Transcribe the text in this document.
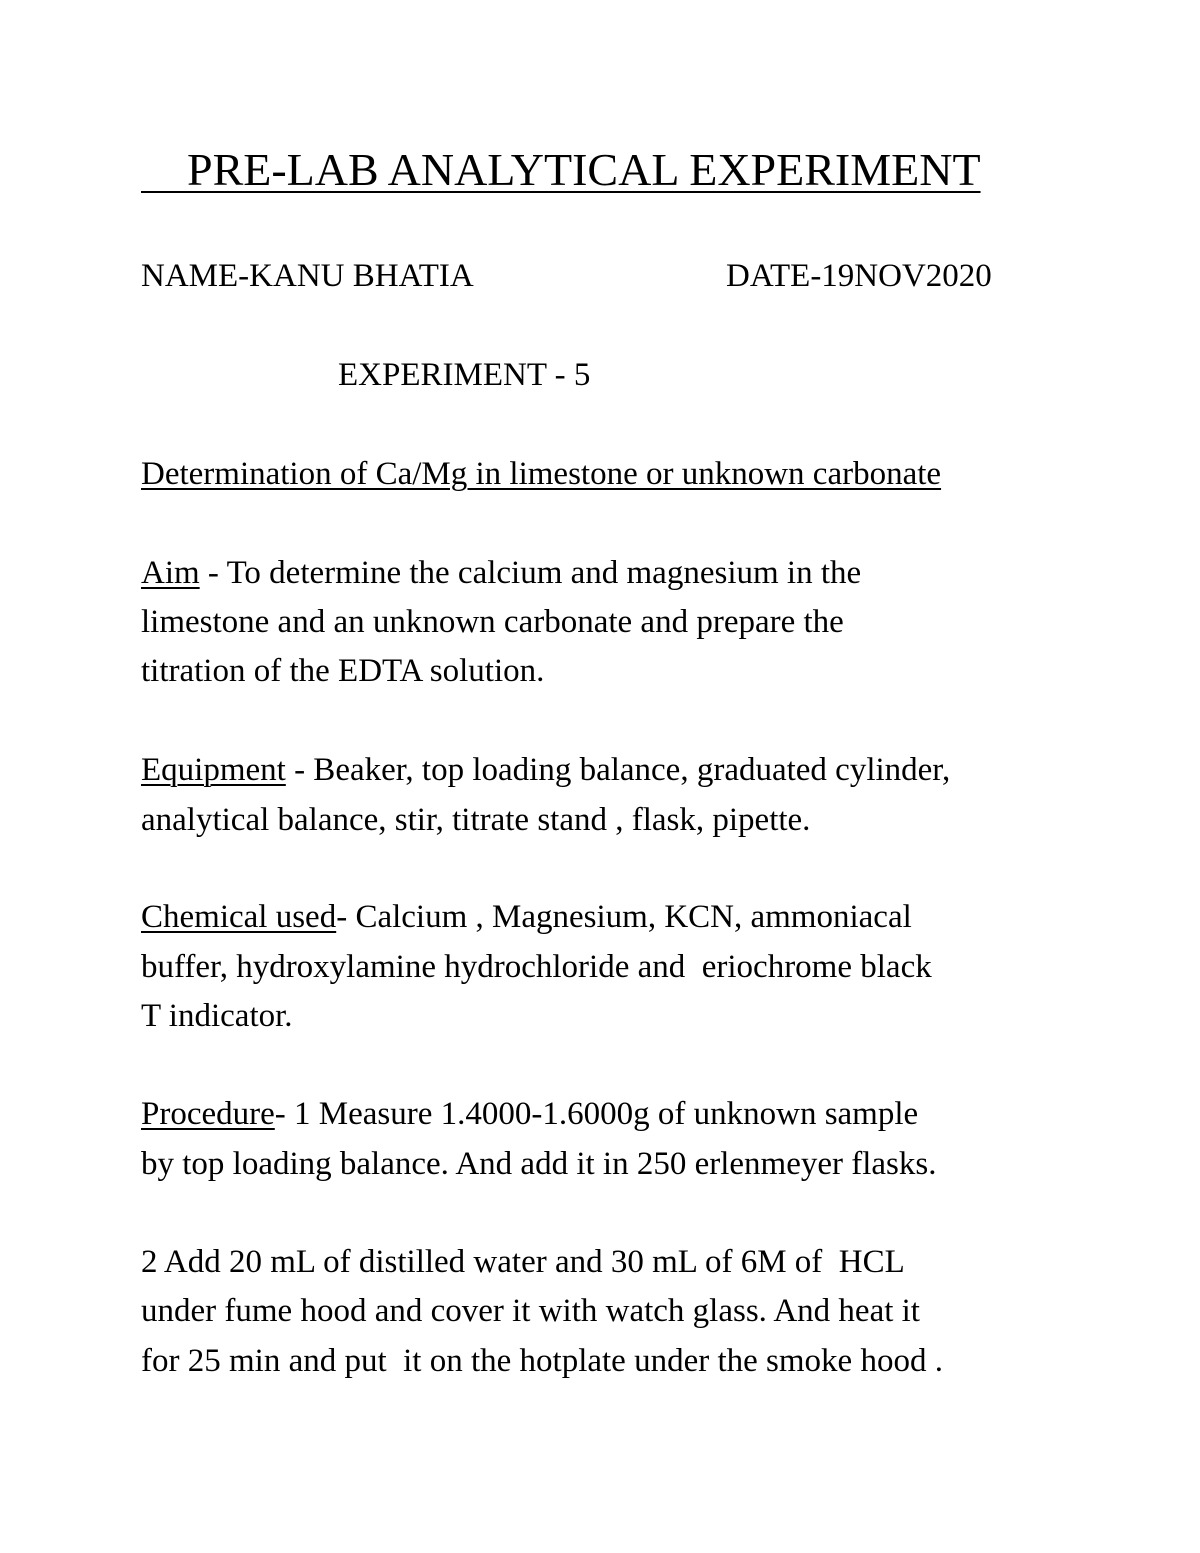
PRE-LAB ANALYTICAL EXPERIMENT
NAME-KANU BHATIA	DATE-19NOV2020
EXPERIMENT - 5
Determination of Ca/Mg in limestone or unknown carbonate
Aim - To determine the calcium and magnesium in the
limestone and an unknown carbonate and prepare the
titration of the EDTA solution.
Equipment - Beaker, top loading balance, graduated cylinder,
analytical balance, stir, titrate stand , flask, pipette.
Chemical used- Calcium , Magnesium, KCN, ammoniacal
buffer, hydroxylamine hydrochloride and  eriochrome black
T indicator.
Procedure- 1 Measure 1.4000-1.6000g of unknown sample
by top loading balance. And add it in 250 erlenmeyer flasks.
2 Add 20 mL of distilled water and 30 mL of 6M of  HCL
under fume hood and cover it with watch glass. And heat it
for 25 min and put  it on the hotplate under the smoke hood .
